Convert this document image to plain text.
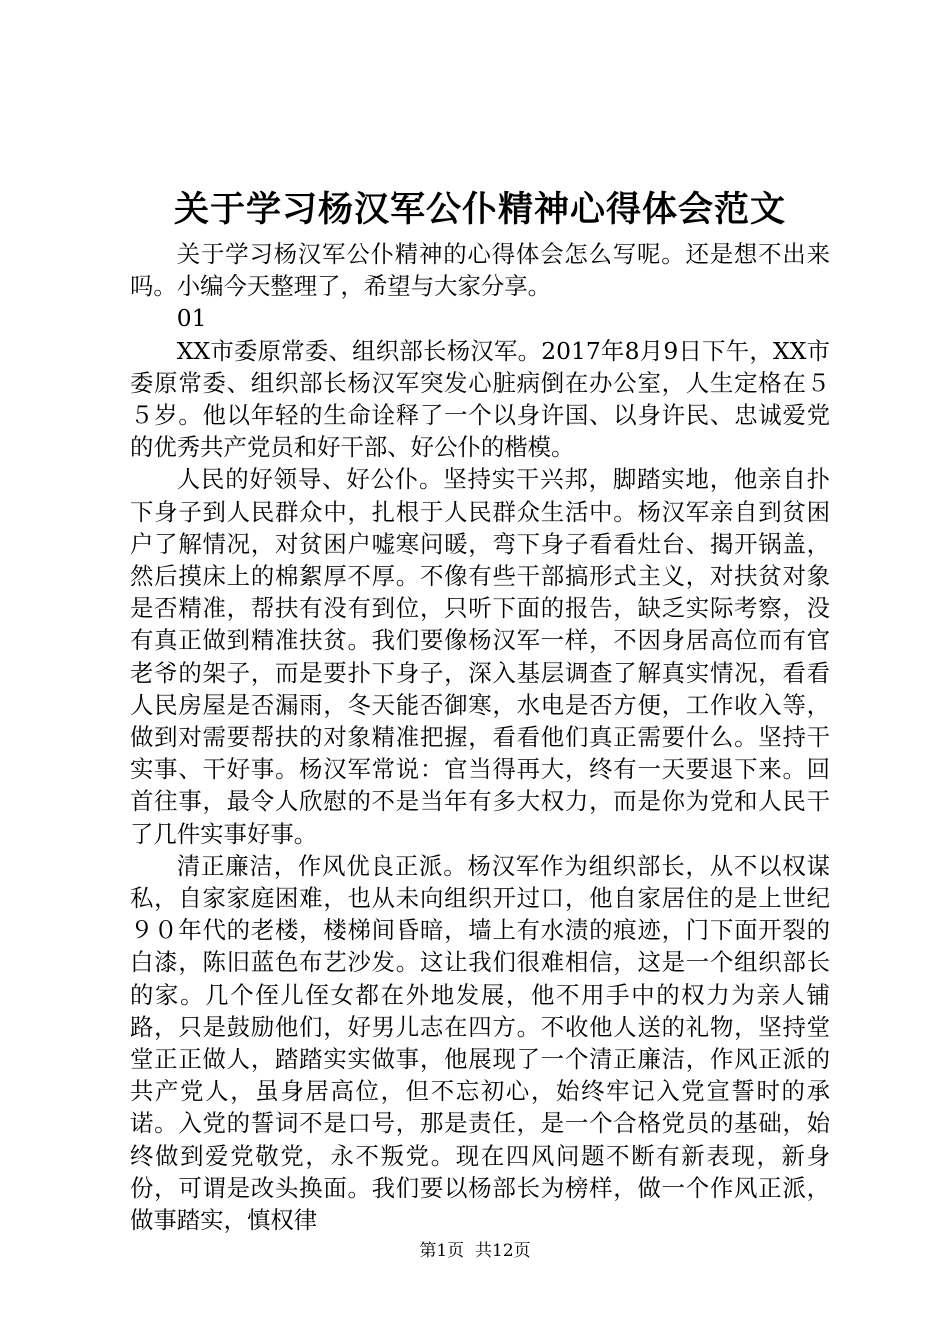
关于学习杨汉军公仆精神心得体会范文

关于学习杨汉军公仆精神的心得体会怎么写呢。还是想不出来吗。小编今天整理了，希望与大家分享。

01

XX市委原常委、组织部长杨汉军。2017年8月9日下午，XX市委原常委、组织部长杨汉军突发心脏病倒在办公室，人生定格在５５岁。他以年轻的生命诠释了一个以身许国、以身许民、忠诚爱党的优秀共产党员和好干部、好公仆的楷模。

人民的好领导、好公仆。坚持实干兴邦，脚踏实地，他亲自扑下身子到人民群众中，扎根于人民群众生活中。杨汉军亲自到贫困户了解情况，对贫困户嘘寒问暖，弯下身子看看灶台、揭开锅盖，然后摸床上的棉絮厚不厚。不像有些干部搞形式主义，对扶贫对象是否精准，帮扶有没有到位，只听下面的报告，缺乏实际考察，没有真正做到精准扶贫。我们要像杨汉军一样，不因身居高位而有官老爷的架子，而是要扑下身子，深入基层调查了解真实情况，看看人民房屋是否漏雨，冬天能否御寒，水电是否方便，工作收入等，做到对需要帮扶的对象精准把握，看看他们真正需要什么。坚持干实事、干好事。杨汉军常说：官当得再大，终有一天要退下来。回首往事，最令人欣慰的不是当年有多大权力，而是你为党和人民干了几件实事好事。

清正廉洁，作风优良正派。杨汉军作为组织部长，从不以权谋私，自家家庭困难，也从未向组织开过口，他自家居住的是上世纪９０年代的老楼，楼梯间昏暗，墙上有水渍的痕迹，门下面开裂的白漆，陈旧蓝色布艺沙发。这让我们很难相信，这是一个组织部长的家。几个侄儿侄女都在外地发展，他不用手中的权力为亲人铺路，只是鼓励他们，好男儿志在四方。不收他人送的礼物，坚持堂堂正正做人，踏踏实实做事，他展现了一个清正廉洁，作风正派的共产党人，虽身居高位，但不忘初心，始终牢记入党宣誓时的承诺。入党的誓词不是口号，那是责任，是一个合格党员的基础，始终做到爱党敬党，永不叛党。现在四风问题不断有新表现，新身份，可谓是改头换面。我们要以杨部长为榜样，做一个作风正派，做事踏实，慎权律

第1页 共12页
